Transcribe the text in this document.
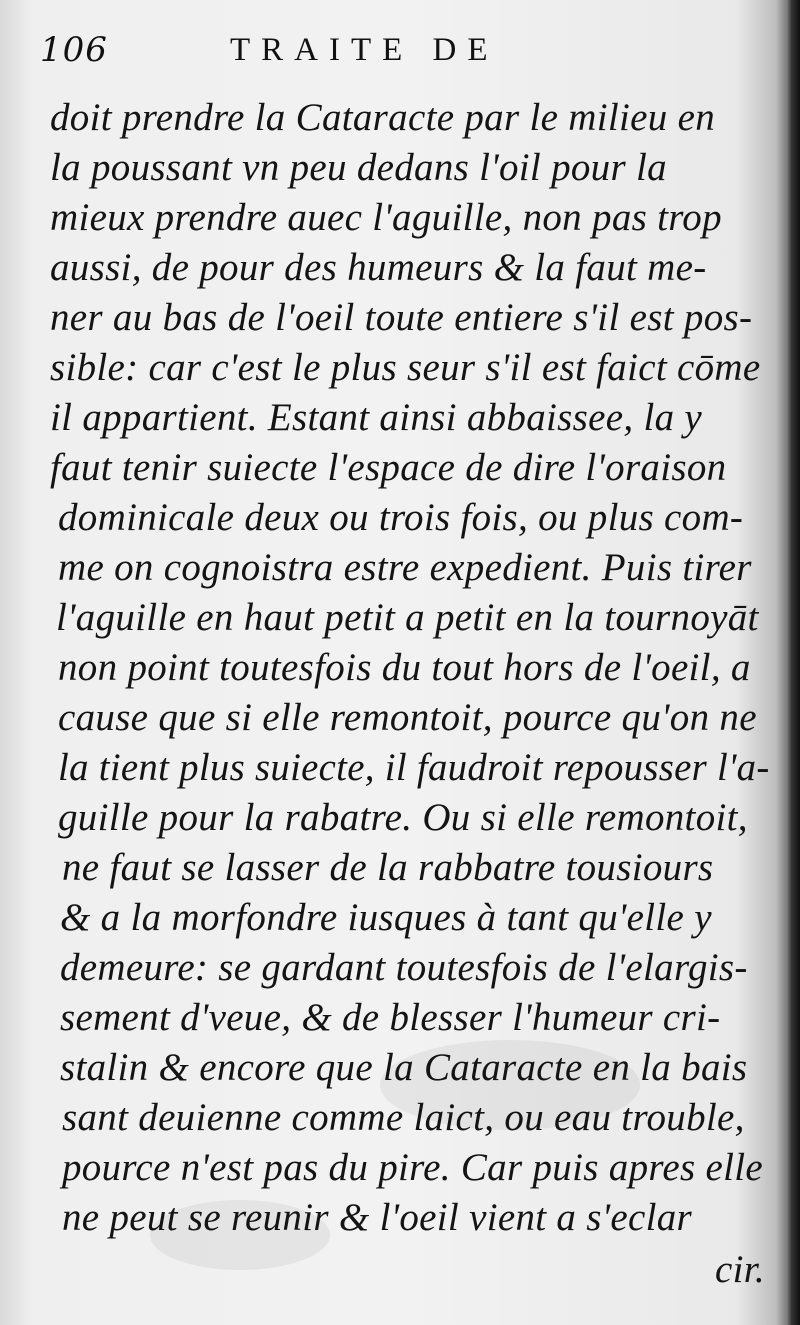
106	TRAITE DE
doit prendre la Cataracte par le milieu en
la poussant vn peu dedans l'oil pour la
mieux prendre auec l'aguille, non pas trop
aussi, de pour des humeurs & la faut me-
ner au bas de l'oeil toute entiere s'il est pos-
sible: car c'est le plus seur s'il est faict cōme
il appartient. Estant ainsi abbaissee, la y
faut tenir suiecte l'espace de dire l'oraison
dominicale deux ou trois fois, ou plus com-
me on cognoistra estre expedient. Puis tirer
l'aguille en haut petit a petit en la tournoyāt
non point toutesfois du tout hors de l'oeil, a
cause que si elle remontoit, pource qu'on ne
la tient plus suiecte, il faudroit repousser l'a-
guille pour la rabatre. Ou si elle remontoit,
ne faut se lasser de la rabbatre tousiours
& a la morfondre iusques à tant qu'elle y
demeure: se gardant toutesfois de l'elargis-
sement d'veue, & de blesser l'humeur cri-
stalin & encore que la Cataracte en la bais
sant deuienne comme laict, ou eau trouble,
pource n'est pas du pire. Car puis apres elle
ne peut se reunir & l'oeil vient a s'eclar
cir.
